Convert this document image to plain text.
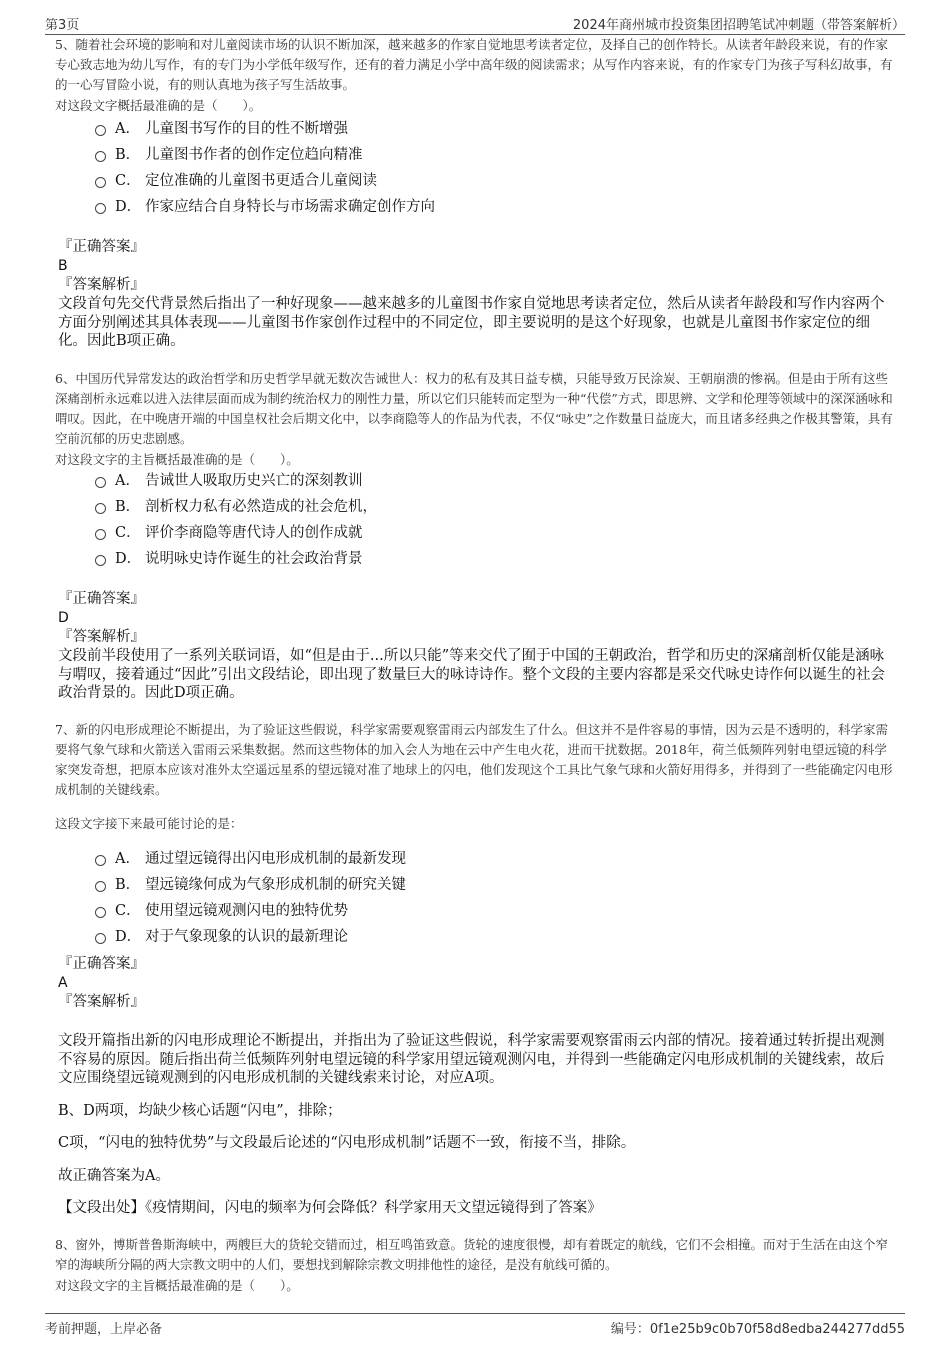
第3页	2024年商州城市投资集团招聘笔试冲刺题（带答案解析）

5、随着社会环境的影响和对儿童阅读市场的认识不断加深，越来越多的作家自觉地思考读者定位，及择自己的创作特长。从读者年龄段来说，有的作家专心致志地为幼儿写作，有的专门为小学低年级写作，还有的着力满足小学中高年级的阅读需求；从写作内容来说，有的作家专门为孩子写科幻故事，有的一心写冒险小说，有的则认真地为孩子写生活故事。

对这段文字概括最准确的是（　　）。

A． 儿童图书写作的目的性不断增强
B． 儿童图书作者的创作定位趋向精准
C． 定位准确的儿童图书更适合儿童阅读
D． 作家应结合自身特长与市场需求确定创作方向

『正确答案』

B

『答案解析』

文段首句先交代背景然后指出了一种好现象——越来越多的儿童图书作家自觉地思考读者定位，然后从读者年龄段和写作内容两个方面分别阐述其具体表现——儿童图书作家创作过程中的不同定位，即主要说明的是这个好现象，也就是儿童图书作家定位的细化。因此B项正确。

6、中国历代异常发达的政治哲学和历史哲学早就无数次告诫世人：权力的私有及其日益专横，只能导致万民涂炭、王朝崩溃的惨祸。但是由于所有这些深痛剖析永远难以进入法律层面而成为制约统治权力的刚性力量，所以它们只能转而定型为一种“代偿”方式，即思辨、文学和伦理等领域中的深深涵咏和喟叹。因此，在中晚唐开端的中国皇权社会后期文化中，以李商隐等人的作品为代表，不仅“咏史”之作数量日益庞大，而且诸多经典之作极其警策，具有空前沉郁的历史悲剧感。

对这段文字的主旨概括最准确的是（　　）。

A． 告诫世人吸取历史兴亡的深刻教训
B． 剖析权力私有必然造成的社会危机，
C． 评价李商隐等唐代诗人的创作成就
D． 说明咏史诗作诞生的社会政治背景

『正确答案』

D

『答案解析』

文段前半段使用了一系列关联词语，如“但是由于...所以只能”等来交代了囿于中国的王朝政治，哲学和历史的深痛剖析仅能是涵咏与喟叹，接着通过“因此”引出文段结论，即出现了数量巨大的咏诗诗作。整个文段的主要内容都是采交代咏史诗作何以诞生的社会政治背景的。因此D项正确。

7、新的闪电形成理论不断提出，为了验证这些假说，科学家需要观察雷雨云内部发生了什么。但这并不是件容易的事情，因为云是不透明的，科学家需要将气象气球和火箭送入雷雨云采集数据。然而这些物体的加入会人为地在云中产生电火花，进而干扰数据。2018年，荷兰低频阵列射电望远镜的科学家突发奇想，把原本应该对准外太空遥远星系的望远镜对准了地球上的闪电，他们发现这个工具比气象气球和火箭好用得多，并得到了一些能确定闪电形成机制的关键线索。

这段文字接下来最可能讨论的是：

A． 通过望远镜得出闪电形成机制的最新发现
B． 望远镜缘何成为气象形成机制的研究关键
C． 使用望远镜观测闪电的独特优势
D． 对于气象现象的认识的最新理论

『正确答案』

A

『答案解析』

文段开篇指出新的闪电形成理论不断提出，并指出为了验证这些假说，科学家需要观察雷雨云内部的情况。接着通过转折提出观测不容易的原因。随后指出荷兰低频阵列射电望远镜的科学家用望远镜观测闪电，并得到一些能确定闪电形成机制的关键线索，故后文应围绕望远镜观测到的闪电形成机制的关键线索来讨论，对应A项。

B、D两项，均缺少核心话题“闪电”，排除；

C项，“闪电的独特优势”与文段最后论述的“闪电形成机制”话题不一致，衔接不当，排除。

故正确答案为A。

【文段出处】《疫情期间，闪电的频率为何会降低？科学家用天文望远镜得到了答案》

8、窗外，博斯普鲁斯海峡中，两艘巨大的货轮交错而过，相互鸣笛致意。货轮的速度很慢，却有着既定的航线，它们不会相撞。而对于生活在由这个窄窄的海峡所分隔的两大宗教文明中的人们，要想找到解除宗教文明排他性的途径，是没有航线可循的。

对这段文字的主旨概括最准确的是（　　）。

考前押题，上岸必备	编号：0f1e25b9c0b70f58d8edba244277dd55
